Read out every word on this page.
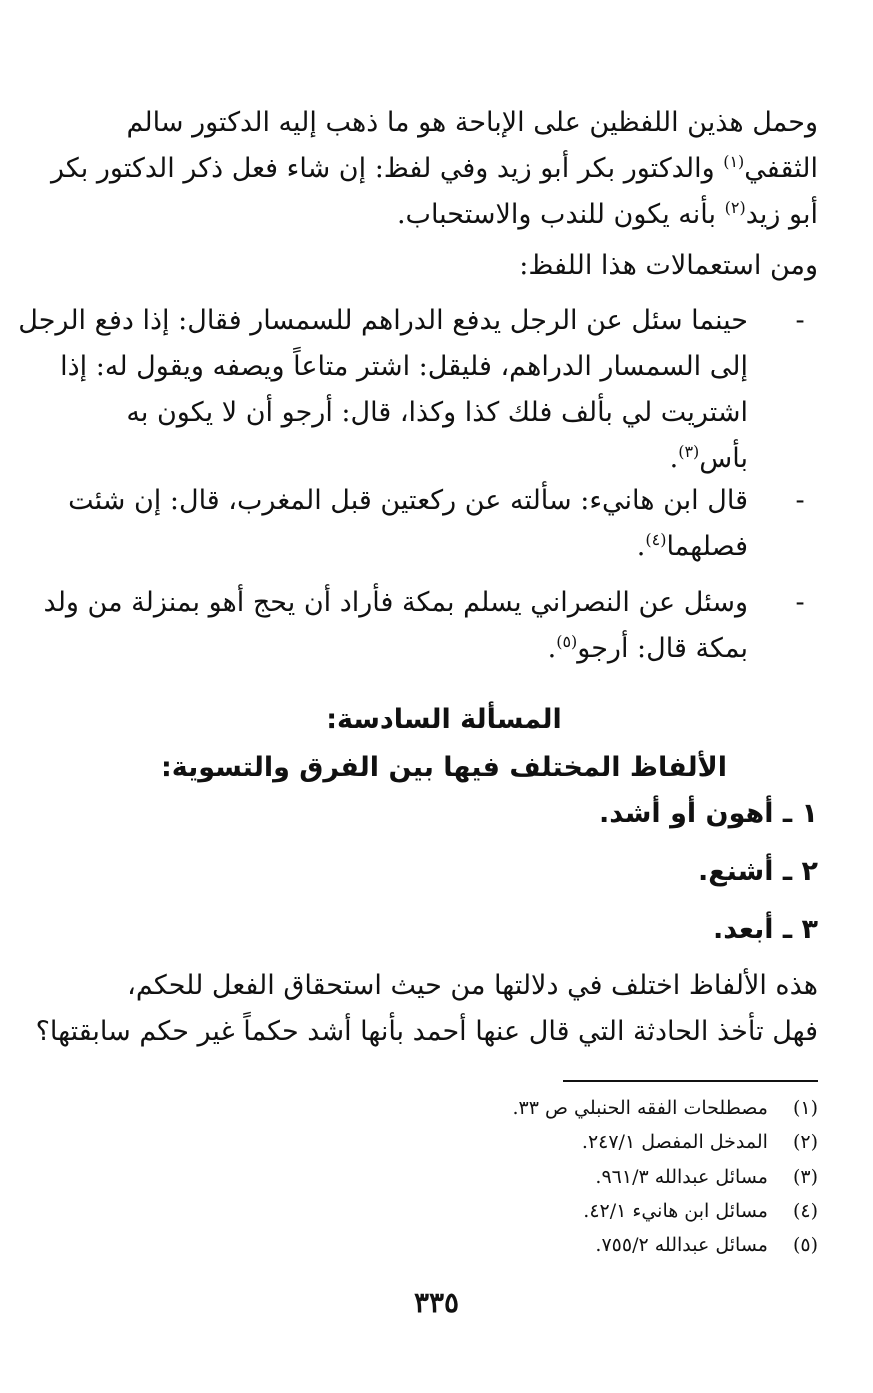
وحمل هذين اللفظين على الإباحة هو ما ذهب إليه الدكتور سالم
الثقفي$^{(١)}$ والدكتور بكر أبو زيد وفي لفظ: إن شاء فعل ذكر الدكتور بكر
أبو زيد$^{(٢)}$ بأنه يكون للندب والاستحباب.
ومن استعمالات هذا اللفظ:
-
حينما سئل عن الرجل يدفع الدراهم للسمسار فقال: إذا دفع الرجل
إلى السمسار الدراهم، فليقل: اشتر متاعاً ويصفه ويقول له: إذا
اشتريت لي بألف فلك كذا وكذا، قال: أرجو أن لا يكون به
بأس$^{(٣)}$.
-
قال ابن هانيء: سألته عن ركعتين قبل المغرب، قال: إن شئت
فصلهما$^{(٤)}$.
-
وسئل عن النصراني يسلم بمكة فأراد أن يحج أهو بمنزلة من ولد
بمكة قال: أرجو$^{(٥)}$.
المسألة السادسة:
الألفاظ المختلف فيها بين الفرق والتسوية:
١ ـ أهون أو أشد.
٢ ـ أشنع.
٣ ـ أبعد.
هذه الألفاظ اختلف في دلالتها من حيث استحقاق الفعل للحكم،
فهل تأخذ الحادثة التي قال عنها أحمد بأنها أشد حكماً غير حكم سابقتها؟
(١) مصطلحات الفقه الحنبلي ص ٣٣.
(٢) المدخل المفصل ٢٤٧/١.
(٣) مسائل عبدالله ٩٦١/٣.
(٤) مسائل ابن هانيء ٤٢/١.
(٥) مسائل عبدالله ٧٥٥/٢.
٣٣٥
